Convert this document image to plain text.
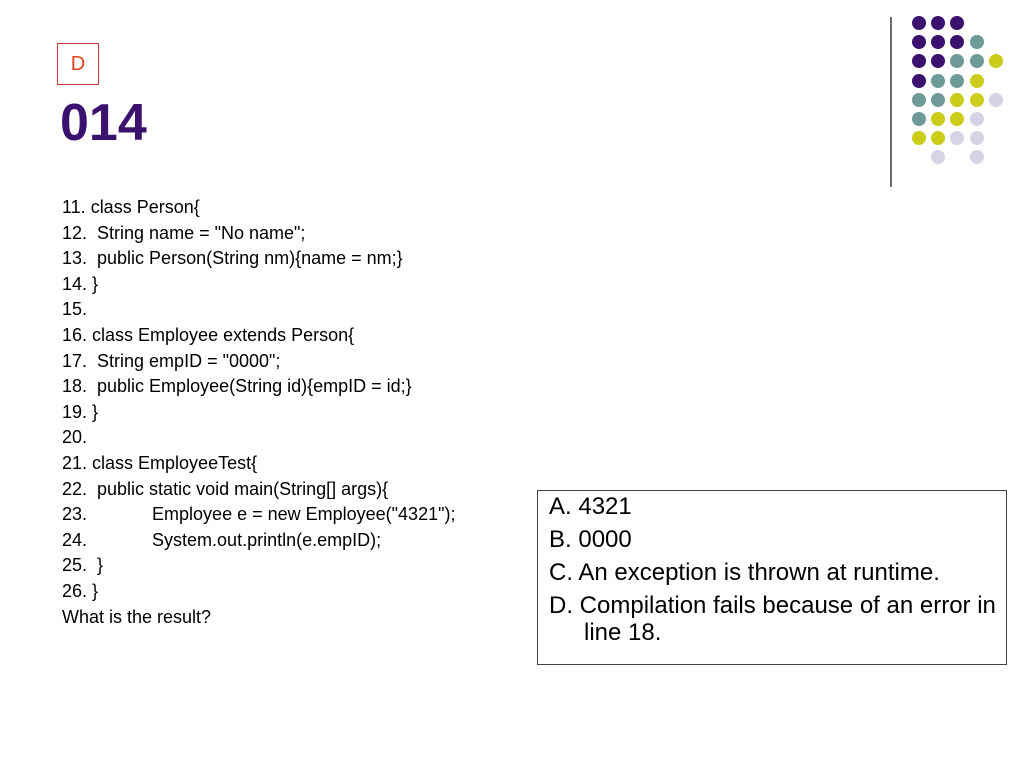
D
014
11. class Person{
12.  String name = "No name";
13.  public Person(String nm){name = nm;}
14. }
15.
16. class Employee extends Person{
17.  String empID = "0000";
18.  public Employee(String id){empID = id;}
19. }
20.
21. class EmployeeTest{
22.  public static void main(String[] args){
23.             Employee e = new Employee("4321");
24.             System.out.println(e.empID);
25.  }
26. }
What is the result?
A. 4321
B. 0000
C. An exception is thrown at runtime.
D. Compilation fails because of an error in line 18.
